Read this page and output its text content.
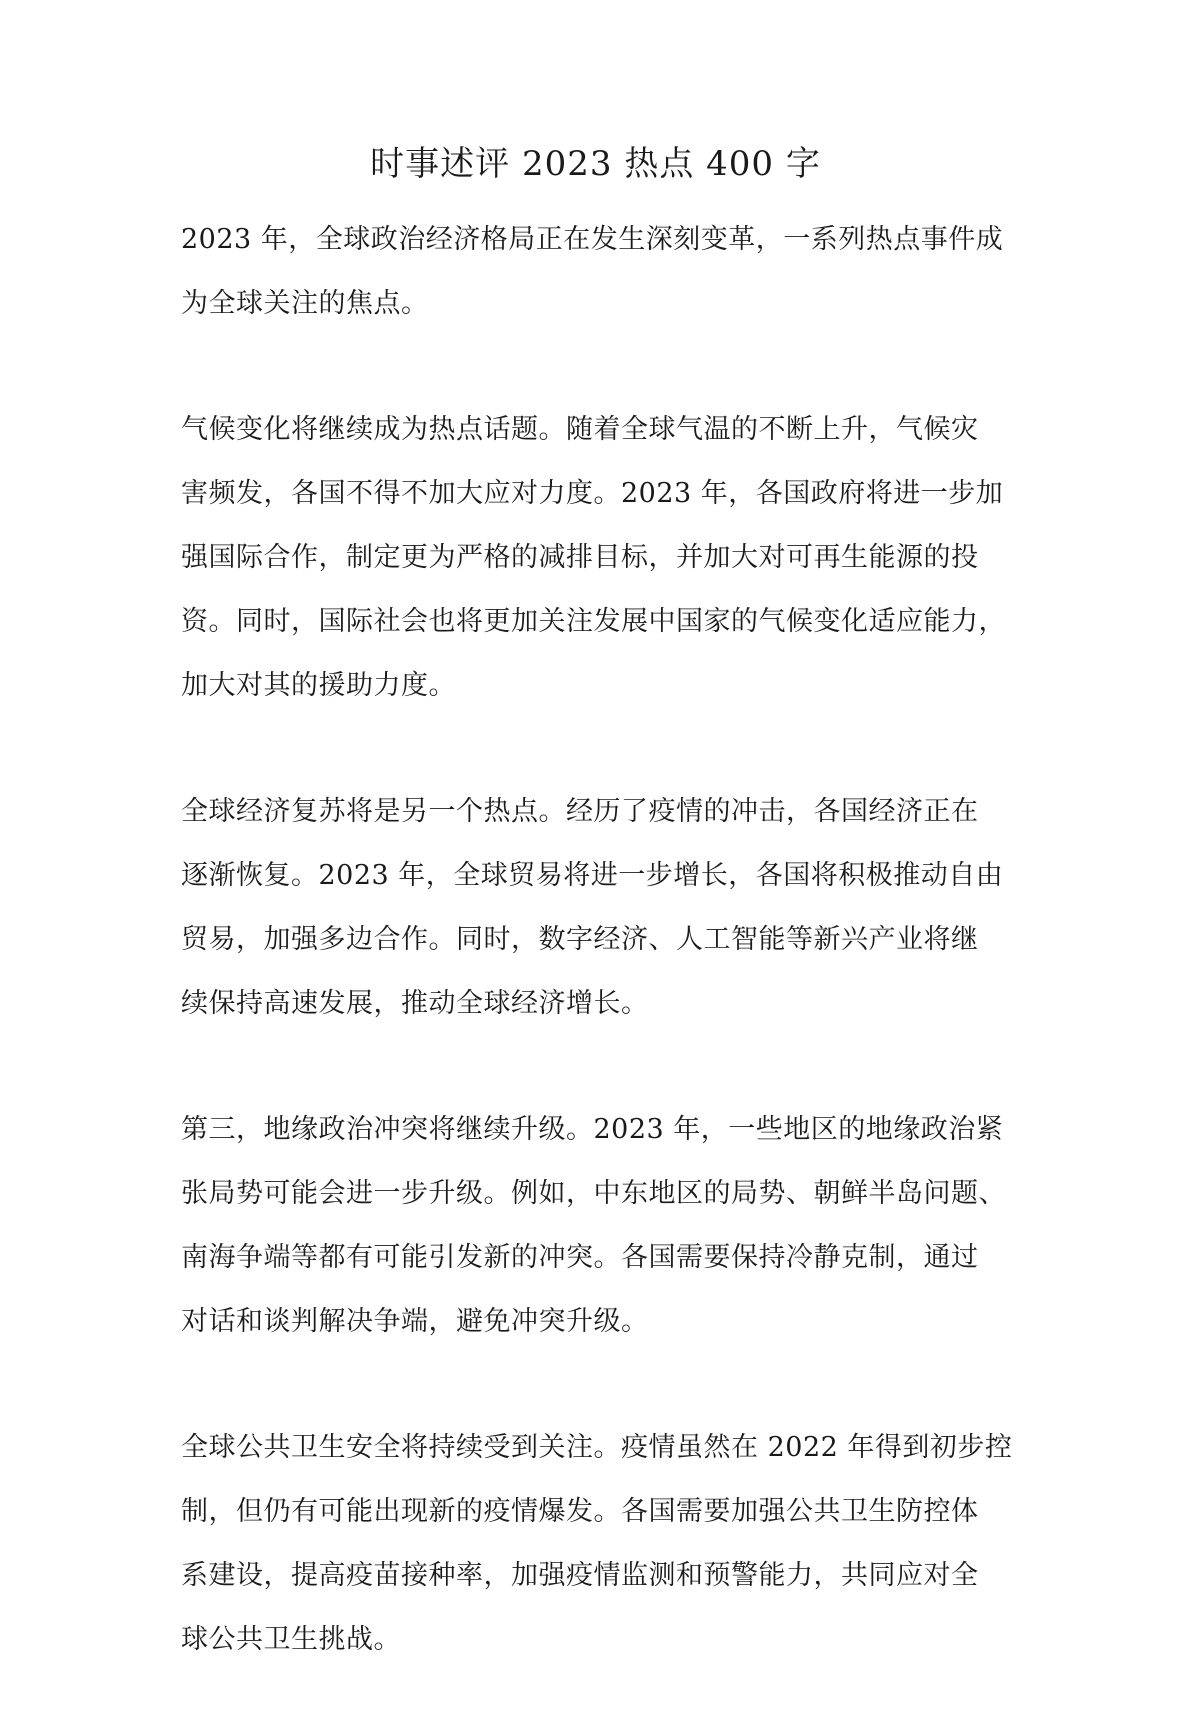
时事述评 2023 热点 400 字
2023 年，全球政治经济格局正在发生深刻变革，一系列热点事件成
为全球关注的焦点。
气候变化将继续成为热点话题。随着全球气温的不断上升，气候灾
害频发，各国不得不加大应对力度。2023 年，各国政府将进一步加
强国际合作，制定更为严格的减排目标，并加大对可再生能源的投
资。同时，国际社会也将更加关注发展中国家的气候变化适应能力，
加大对其的援助力度。
全球经济复苏将是另一个热点。经历了疫情的冲击，各国经济正在
逐渐恢复。2023 年，全球贸易将进一步增长，各国将积极推动自由
贸易，加强多边合作。同时，数字经济、人工智能等新兴产业将继
续保持高速发展，推动全球经济增长。
第三，地缘政治冲突将继续升级。2023 年，一些地区的地缘政治紧
张局势可能会进一步升级。例如，中东地区的局势、朝鲜半岛问题、
南海争端等都有可能引发新的冲突。各国需要保持冷静克制，通过
对话和谈判解决争端，避免冲突升级。
全球公共卫生安全将持续受到关注。疫情虽然在 2022 年得到初步控
制，但仍有可能出现新的疫情爆发。各国需要加强公共卫生防控体
系建设，提高疫苗接种率，加强疫情监测和预警能力，共同应对全
球公共卫生挑战。
